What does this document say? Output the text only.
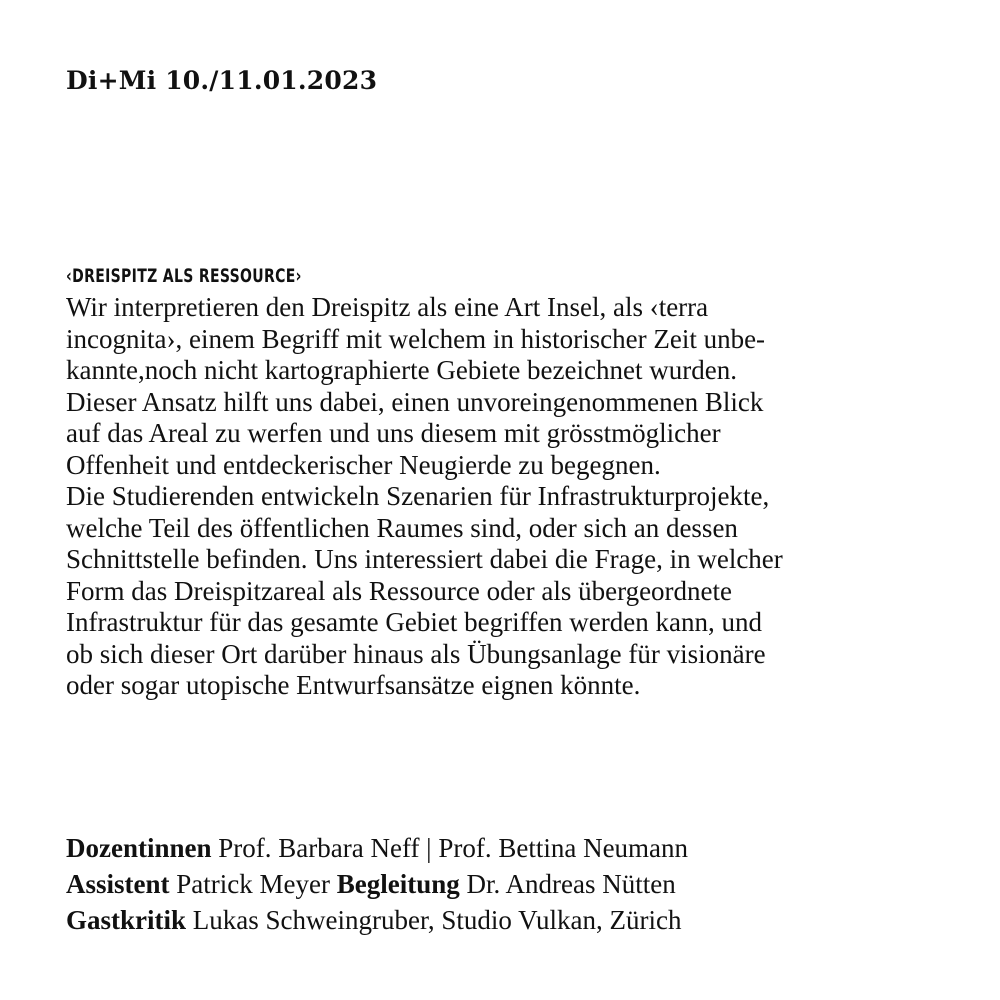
Di+Mi 10./11.01.2023
‹DREISPITZ ALS RESSOURCE›

Wir interpretieren den Dreispitz als eine Art Insel, als ‹terra

incognita›, einem Begriff mit welchem in historischer Zeit unbe-

kannte,noch nicht kartographierte Gebiete bezeichnet wurden.

Dieser Ansatz hilft uns dabei, einen unvoreingenommenen Blick

auf das Areal zu werfen und uns diesem mit grösstmöglicher

Offenheit und entdeckerischer Neugierde zu begegnen.

Die Studierenden entwickeln Szenarien für Infrastrukturprojekte,

welche Teil des öffentlichen Raumes sind, oder sich an dessen

Schnittstelle befinden. Uns interessiert dabei die Frage, in welcher

Form das Dreispitzareal als Ressource oder als übergeordnete

Infrastruktur für das gesamte Gebiet begriffen werden kann, und

ob sich dieser Ort darüber hinaus als Übungsanlage für visionäre

oder sogar utopische Entwurfsansätze eignen könnte.

Dozentinnen Prof. Barbara Neff | Prof. Bettina Neumann

Assistent Patrick Meyer Begleitung Dr. Andreas Nütten

Gastkritik Lukas Schweingruber, Studio Vulkan, Zürich
